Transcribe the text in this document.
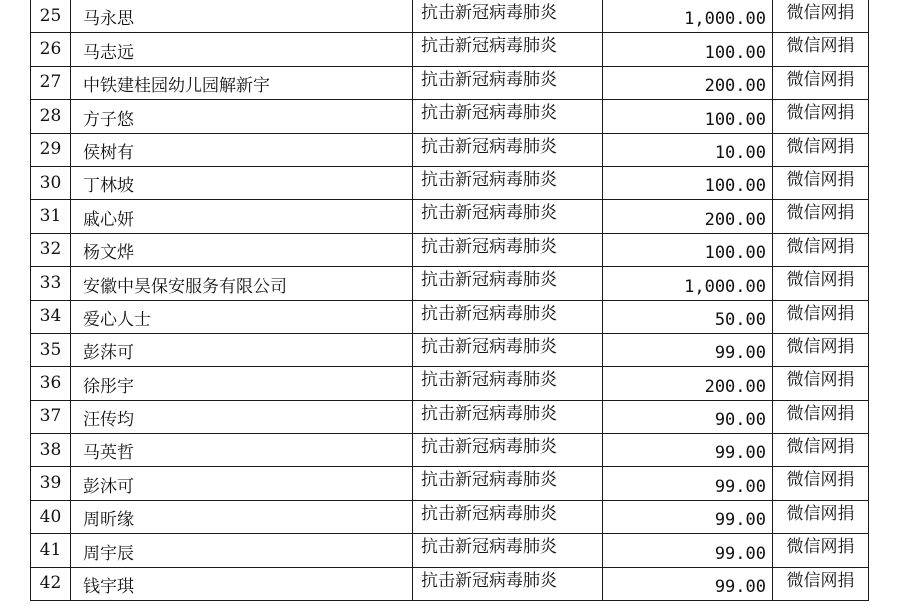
25	马永思	抗击新冠病毒肺炎	1,000.00	微信网捐
26	马志远	抗击新冠病毒肺炎	100.00	微信网捐
27	中铁建桂园幼儿园解新宇	抗击新冠病毒肺炎	200.00	微信网捐
28	方子悠	抗击新冠病毒肺炎	100.00	微信网捐
29	侯树有	抗击新冠病毒肺炎	10.00	微信网捐
30	丁林坡	抗击新冠病毒肺炎	100.00	微信网捐
31	戚心妍	抗击新冠病毒肺炎	200.00	微信网捐
32	杨文烨	抗击新冠病毒肺炎	100.00	微信网捐
33	安徽中昊保安服务有限公司	抗击新冠病毒肺炎	1,000.00	微信网捐
34	爱心人士	抗击新冠病毒肺炎	50.00	微信网捐
35	彭莯可	抗击新冠病毒肺炎	99.00	微信网捐
36	徐彤宇	抗击新冠病毒肺炎	200.00	微信网捐
37	汪传均	抗击新冠病毒肺炎	90.00	微信网捐
38	马英哲	抗击新冠病毒肺炎	99.00	微信网捐
39	彭沐可	抗击新冠病毒肺炎	99.00	微信网捐
40	周昕缘	抗击新冠病毒肺炎	99.00	微信网捐
41	周宇辰	抗击新冠病毒肺炎	99.00	微信网捐
42	钱宇琪	抗击新冠病毒肺炎	99.00	微信网捐
